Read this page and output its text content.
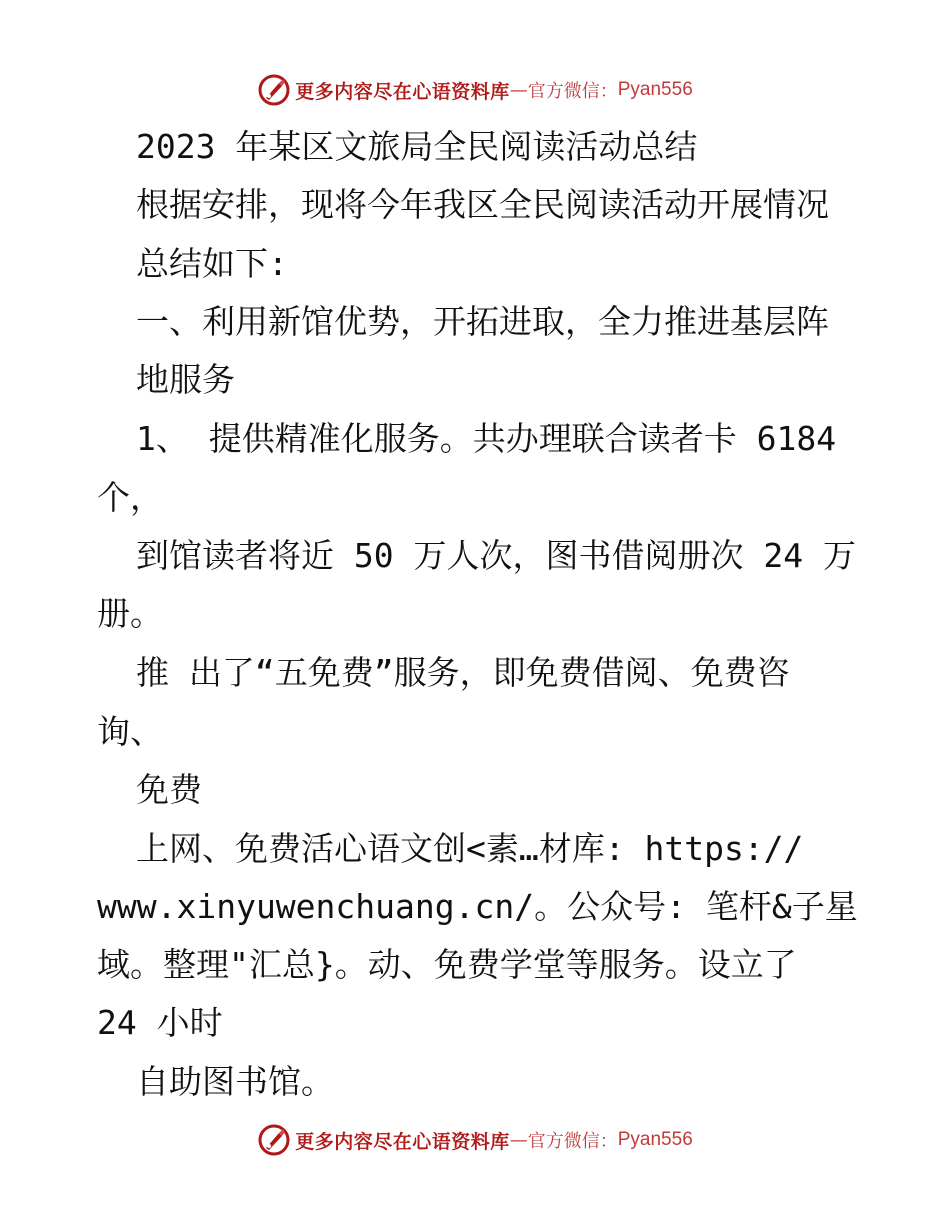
更多内容尽在心语资料库 — 官方微信： Pyan556
2023 年某区文旅局全民阅读活动总结
根据安排，现将今年我区全民阅读活动开展情况
总结如下:
一、利用新馆优势，开拓进取，全力推进基层阵
地服务
1、 提供精准化服务。共办理联合读者卡 6184
个，
到馆读者将近 50 万人次，图书借阅册次 24 万
册。
推 出了“五免费”服务，即免费借阅、免费咨
询、
免费
上网、免费活心语文创<素…材库: https://
www.xinyuwenchuang.cn/。公众号: 笔杆&子星
域。整理"汇总}。动、免费学堂等服务。设立了
24 小时
自助图书馆。
更多内容尽在心语资料库 — 官方微信： Pyan556
